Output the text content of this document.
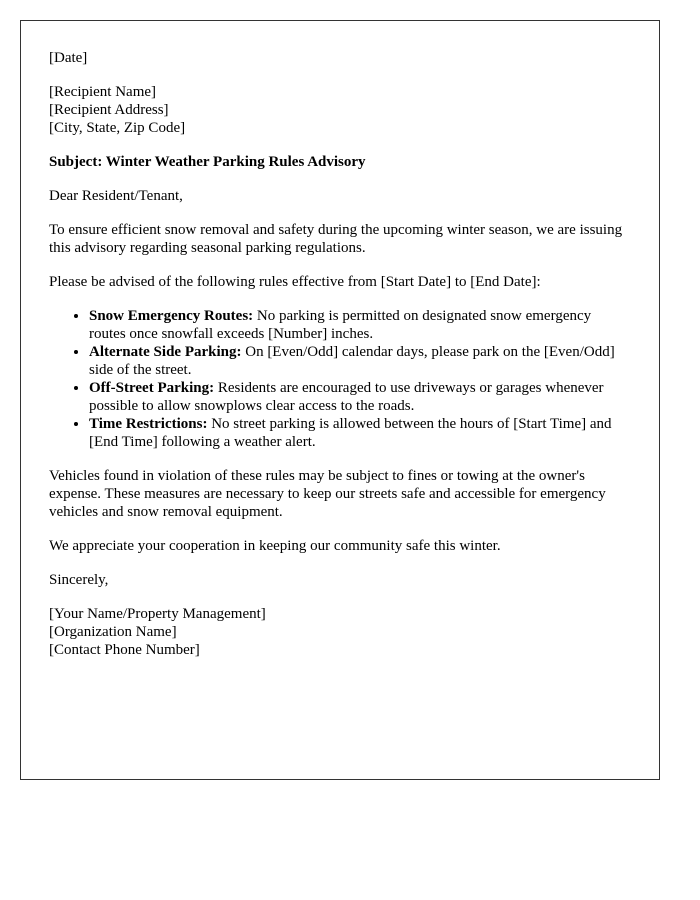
[Date]
[Recipient Name]
[Recipient Address]
[City, State, Zip Code]
Subject: Winter Weather Parking Rules Advisory
Dear Resident/Tenant,
To ensure efficient snow removal and safety during the upcoming winter season, we are issuing this advisory regarding seasonal parking regulations.
Please be advised of the following rules effective from [Start Date] to [End Date]:
• Snow Emergency Routes: No parking is permitted on designated snow emergency routes once snowfall exceeds [Number] inches.
• Alternate Side Parking: On [Even/Odd] calendar days, please park on the [Even/Odd] side of the street.
• Off-Street Parking: Residents are encouraged to use driveways or garages whenever possible to allow snowplows clear access to the roads.
• Time Restrictions: No street parking is allowed between the hours of [Start Time] and [End Time] following a weather alert.
Vehicles found in violation of these rules may be subject to fines or towing at the owner's expense. These measures are necessary to keep our streets safe and accessible for emergency vehicles and snow removal equipment.
We appreciate your cooperation in keeping our community safe this winter.
Sincerely,
[Your Name/Property Management]
[Organization Name]
[Contact Phone Number]
